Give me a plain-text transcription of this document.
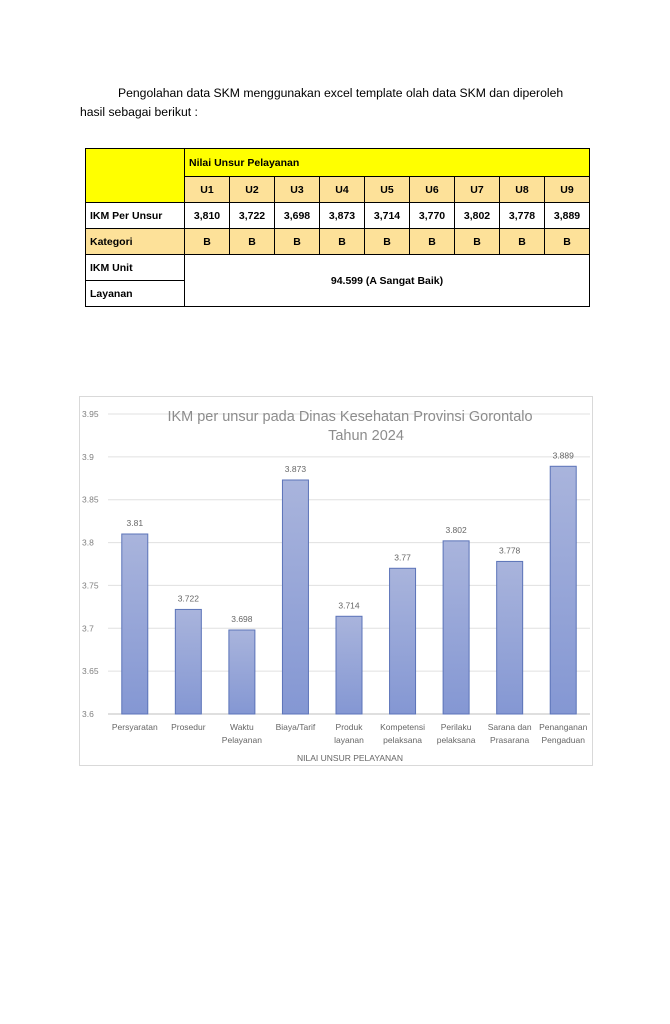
Pengolahan data SKM menggunakan excel template olah data SKM dan diperoleh hasil sebagai berikut :
	Nilai Unsur Pelayanan								
	U1	U2	U3	U4	U5	U6	U7	U8	U9
IKM Per Unsur	3,810	3,722	3,698	3,873	3,714	3,770	3,802	3,778	3,889
Kategori	B	B	B	B	B	B	B	B	B
IKM Unit	94.599 (A Sangat Baik)								
Layanan									
3.6
3.65
3.7
3.75
3.8
3.85
3.9
3.95	IKM per unsur pada Dinas Kesehatan Provinsi Gorontalo
Tahun 2024
3.81
Persyaratan
3.722
Prosedur
3.698
Waktu
Pelayanan
3.873
Biaya/Tarif
3.714
Produk
layanan
3.77
Kompetensi
pelaksana
3.802
Perilaku
pelaksana
3.778
Sarana dan
Prasarana
3.889
Penanganan
Pengaduan
NILAI UNSUR PELAYANAN
